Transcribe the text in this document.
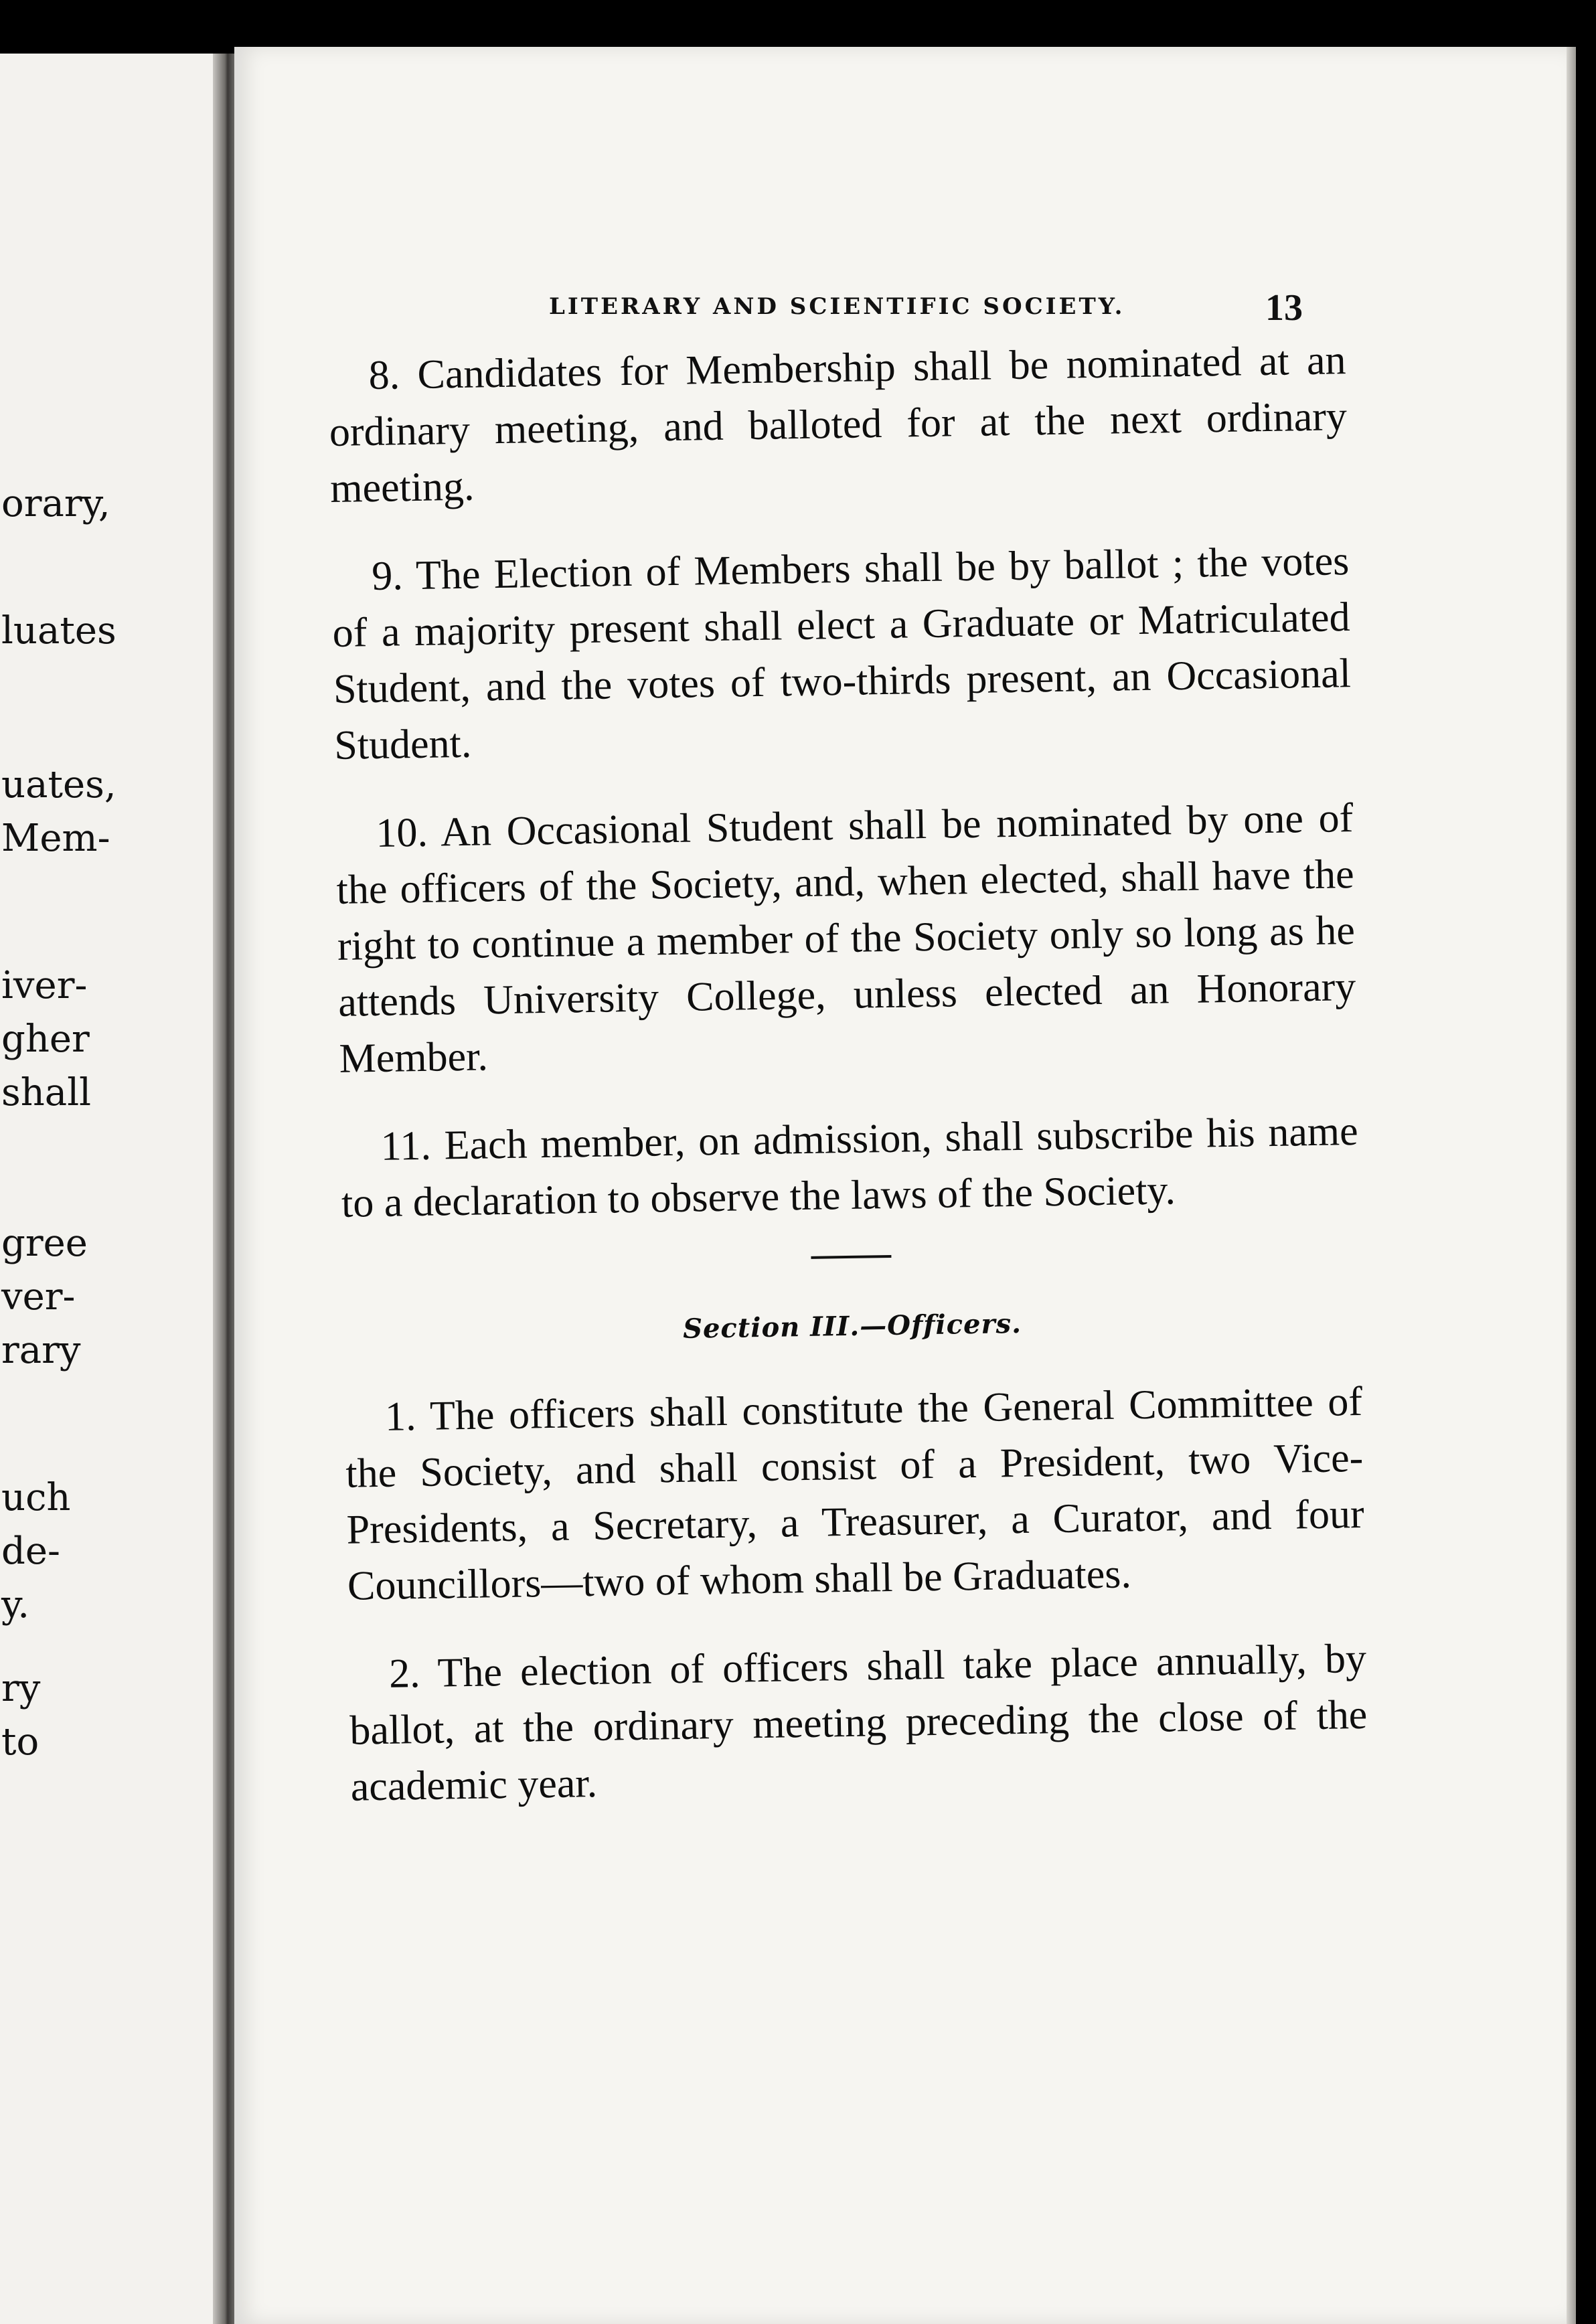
orary,
luates
uates,
Mem-
iver-
gher
shall
gree
ver-
rary
uch
de-
y.
ry
to
LITERARY AND SCIENTIFIC SOCIETY.	13

8. Candidates for Membership shall be nominated at an ordinary meeting, and balloted for at the next ordinary meeting.

9. The Election of Members shall be by ballot ; the votes of a majority present shall elect a Graduate or Matriculated Student, and the votes of two-thirds present, an Occasional Student.

10. An Occasional Student shall be nominated by one of the officers of the Society, and, when elected, shall have the right to continue a member of the Society only so long as he attends University College, unless elected an Honorary Member.

11. Each member, on admission, shall subscribe his name to a declaration to observe the laws of the Society.

Section III.—Officers.

1. The officers shall constitute the General Committee of the Society, and shall consist of a President, two Vice-Presidents, a Secretary, a Treasurer, a Curator, and four Councillors—two of whom shall be Graduates.

2. The election of officers shall take place annually, by ballot, at the ordinary meeting preceding the close of the academic year.
